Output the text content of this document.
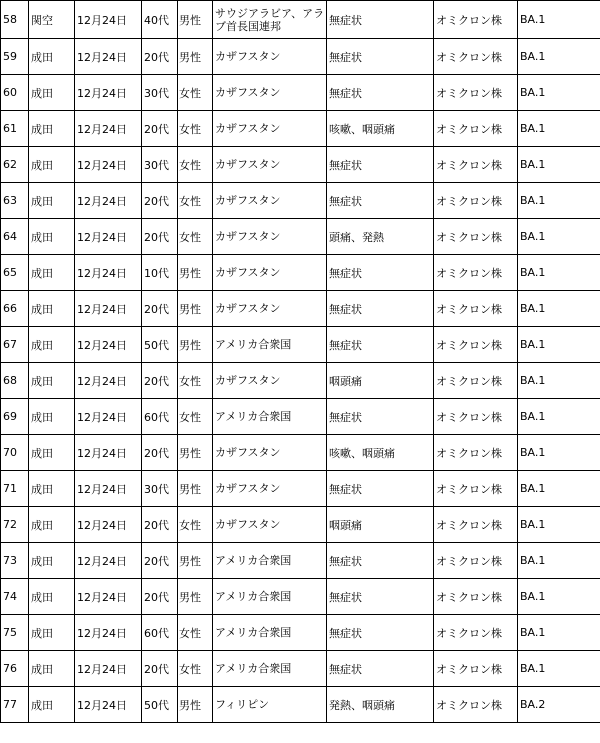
58	関空	12月24日	40代	男性	サウジアラビア、アラブ首長国連邦	無症状	オミクロン株	BA.1
59	成田	12月24日	20代	男性	カザフスタン	無症状	オミクロン株	BA.1
60	成田	12月24日	30代	女性	カザフスタン	無症状	オミクロン株	BA.1
61	成田	12月24日	20代	女性	カザフスタン	咳嗽、咽頭痛	オミクロン株	BA.1
62	成田	12月24日	30代	女性	カザフスタン	無症状	オミクロン株	BA.1
63	成田	12月24日	20代	女性	カザフスタン	無症状	オミクロン株	BA.1
64	成田	12月24日	20代	女性	カザフスタン	頭痛、発熱	オミクロン株	BA.1
65	成田	12月24日	10代	男性	カザフスタン	無症状	オミクロン株	BA.1
66	成田	12月24日	20代	男性	カザフスタン	無症状	オミクロン株	BA.1
67	成田	12月24日	50代	男性	アメリカ合衆国	無症状	オミクロン株	BA.1
68	成田	12月24日	20代	女性	カザフスタン	咽頭痛	オミクロン株	BA.1
69	成田	12月24日	60代	女性	アメリカ合衆国	無症状	オミクロン株	BA.1
70	成田	12月24日	20代	男性	カザフスタン	咳嗽、咽頭痛	オミクロン株	BA.1
71	成田	12月24日	30代	男性	カザフスタン	無症状	オミクロン株	BA.1
72	成田	12月24日	20代	女性	カザフスタン	咽頭痛	オミクロン株	BA.1
73	成田	12月24日	20代	男性	アメリカ合衆国	無症状	オミクロン株	BA.1
74	成田	12月24日	20代	男性	アメリカ合衆国	無症状	オミクロン株	BA.1
75	成田	12月24日	60代	女性	アメリカ合衆国	無症状	オミクロン株	BA.1
76	成田	12月24日	20代	女性	アメリカ合衆国	無症状	オミクロン株	BA.1
77	成田	12月24日	50代	男性	フィリピン	発熱、咽頭痛	オミクロン株	BA.2
